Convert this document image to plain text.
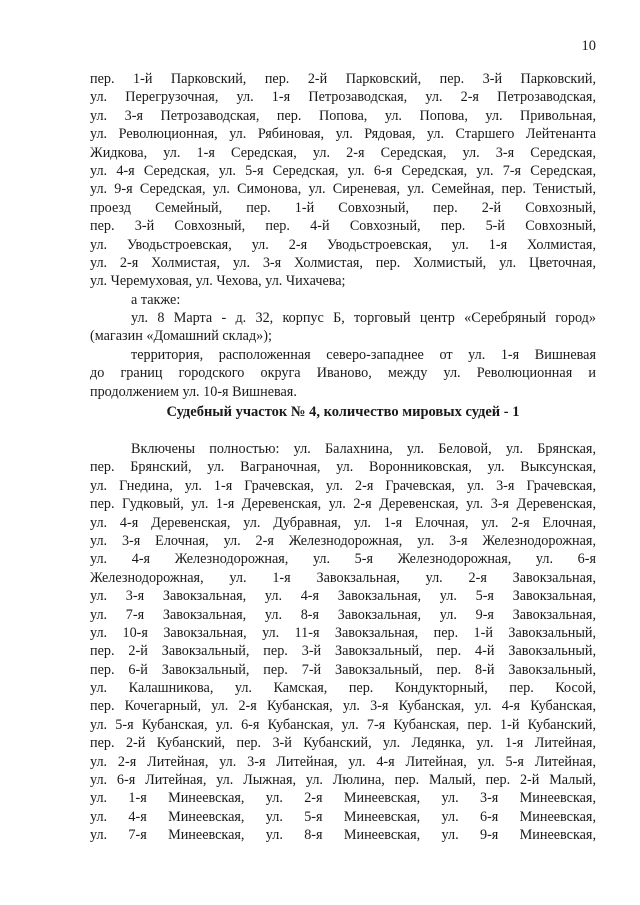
10
пер. 1-й Парковский, пер. 2-й Парковский, пер. 3-й Парковский,
ул. Перегрузочная, ул. 1-я Петрозаводская, ул. 2-я Петрозаводская,
ул. 3-я Петрозаводская, пер. Попова, ул. Попова, ул. Привольная,
ул. Революционная, ул. Рябиновая, ул. Рядовая, ул. Старшего Лейтенанта
Жидкова, ул. 1-я Середская, ул. 2-я Середская, ул. 3-я Середская,
ул. 4-я Середская, ул. 5-я Середская, ул. 6-я Середская, ул. 7-я Середская,
ул. 9-я Середская, ул. Симонова, ул. Сиреневая, ул. Семейная, пер. Тенистый,
проезд Семейный, пер. 1-й Совхозный, пер. 2-й Совхозный,
пер. 3-й Совхозный, пер. 4-й Совхозный, пер. 5-й Совхозный,
ул. Уводьстроевская, ул. 2-я Уводьстроевская, ул. 1-я Холмистая,
ул. 2-я Холмистая, ул. 3-я Холмистая, пер. Холмистый, ул. Цветочная,
ул. Черемуховая, ул. Чехова, ул. Чихачева;
а также:
ул. 8 Марта - д. 32, корпус Б, торговый центр «Серебряный город»
(магазин «Домашний склад»);
территория, расположенная северо-западнее от ул. 1-я Вишневая
до границ городского округа Иваново, между ул. Революционная и
продолжением ул. 10-я Вишневая.
Судебный участок № 4, количество мировых судей - 1
Включены полностью: ул. Балахнина, ул. Беловой, ул. Брянская,
пер. Брянский, ул. Ваграночная, ул. Воронниковская, ул. Выксунская,
ул. Гнедина, ул. 1-я Грачевская, ул. 2-я Грачевская, ул. 3-я Грачевская,
пер. Гудковый, ул. 1-я Деревенская, ул. 2-я Деревенская, ул. 3-я Деревенская,
ул. 4-я Деревенская, ул. Дубравная, ул. 1-я Елочная, ул. 2-я Елочная,
ул. 3-я Елочная, ул. 2-я Железнодорожная, ул. 3-я Железнодорожная,
ул. 4-я Железнодорожная, ул. 5-я Железнодорожная, ул. 6-я
Железнодорожная, ул. 1-я Завокзальная, ул. 2-я Завокзальная,
ул. 3-я Завокзальная, ул. 4-я Завокзальная, ул. 5-я Завокзальная,
ул. 7-я Завокзальная, ул. 8-я Завокзальная, ул. 9-я Завокзальная,
ул. 10-я Завокзальная, ул. 11-я Завокзальная, пер. 1-й Завокзальный,
пер. 2-й Завокзальный, пер. 3-й Завокзальный, пер. 4-й Завокзальный,
пер. 6-й Завокзальный, пер. 7-й Завокзальный, пер. 8-й Завокзальный,
ул. Калашникова, ул. Камская, пер. Кондукторный, пер. Косой,
пер. Кочегарный, ул. 2-я Кубанская, ул. 3-я Кубанская, ул. 4-я Кубанская,
ул. 5-я Кубанская, ул. 6-я Кубанская, ул. 7-я Кубанская, пер. 1-й Кубанский,
пер. 2-й Кубанский, пер. 3-й Кубанский, ул. Ледянка, ул. 1-я Литейная,
ул. 2-я Литейная, ул. 3-я Литейная, ул. 4-я Литейная, ул. 5-я Литейная,
ул. 6-я Литейная, ул. Лыжная, ул. Люлина, пер. Малый, пер. 2-й Малый,
ул. 1-я Минеевская, ул. 2-я Минеевская, ул. 3-я Минеевская,
ул. 4-я Минеевская, ул. 5-я Минеевская, ул. 6-я Минеевская,
ул. 7-я Минеевская, ул. 8-я Минеевская, ул. 9-я Минеевская,
